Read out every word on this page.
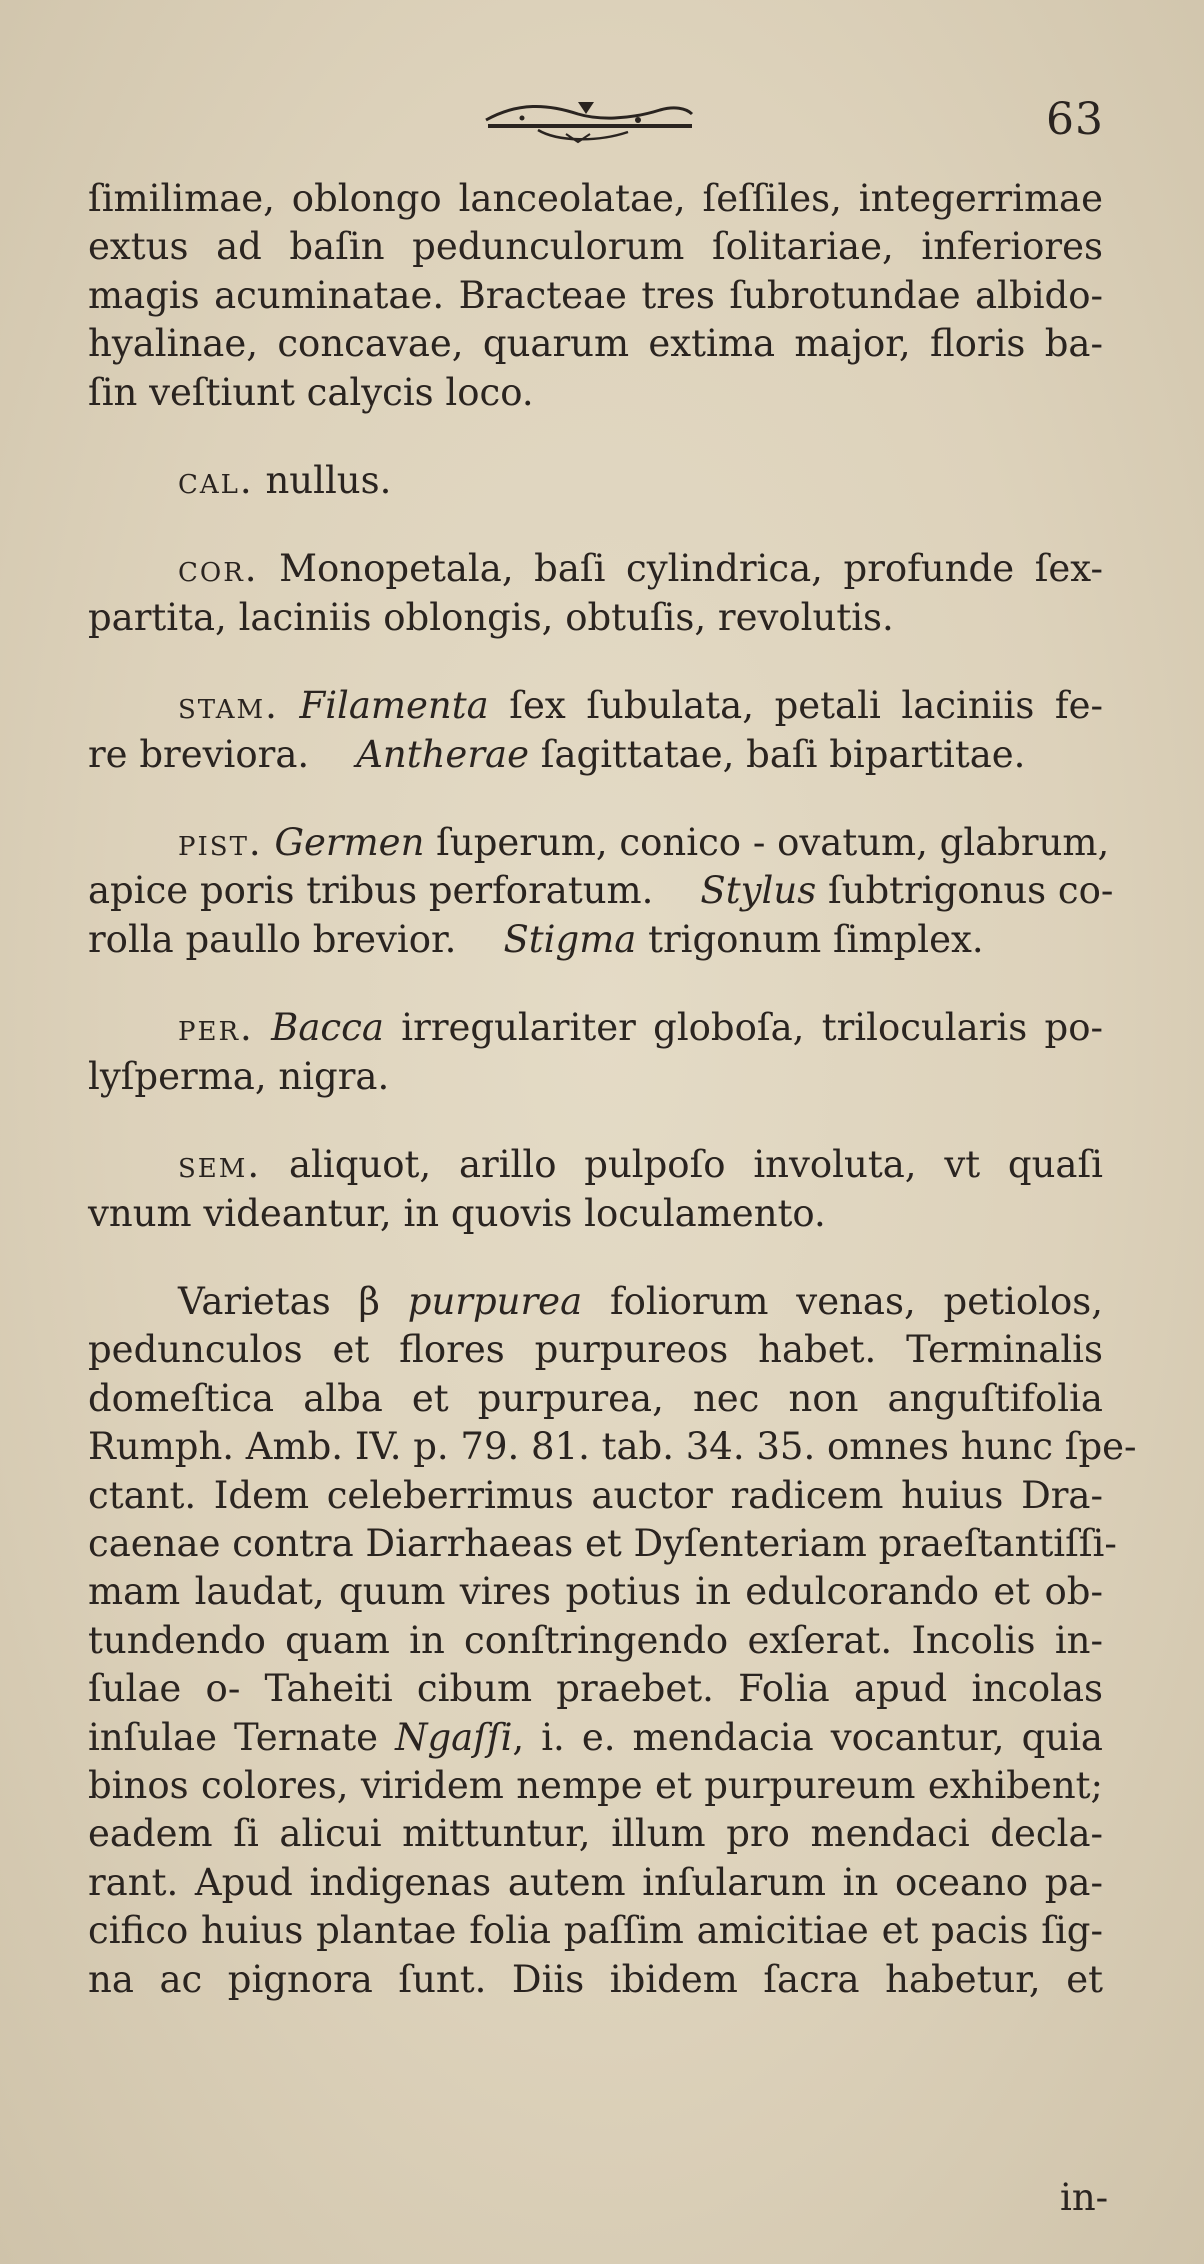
63
ſimilimae, oblongo lanceolatae, ſeſſiles, integerrimae
extus ad baſin pedunculorum ſolitariae, inferiores
magis acuminatae. Bracteae tres ſubrotundae albido-
hyalinae, concavae, quarum extima major, floris ba-
ſin veſtiunt calycis loco.
cal. nullus.
cor. Monopetala, baſi cylindrica, profunde ſex-
partita, laciniis oblongis, obtuſis, revolutis.
stam. Filamenta ſex ſubulata, petali laciniis fe-
re breviora. Antherae ſagittatae, baſi bipartitae.
pist. Germen ſuperum, conico - ovatum, glabrum,
apice poris tribus perforatum. Stylus ſubtrigonus co-
rolla paullo brevior. Stigma trigonum ſimplex.
per. Bacca irregulariter globoſa, trilocularis po-
lyſperma, nigra.
sem. aliquot, arillo pulpoſo involuta, vt quaſi
vnum videantur, in quovis loculamento.
Varietas β purpurea foliorum venas, petiolos,
pedunculos et flores purpureos habet. Terminalis
domeſtica alba et purpurea, nec non anguſtifolia
Rumph. Amb. IV. p. 79. 81. tab. 34. 35. omnes hunc ſpe-
ctant. Idem celeberrimus auctor radicem huius Dra-
caenae contra Diarrhaeas et Dyſenteriam praeſtantiſſi-
mam laudat, quum vires potius in edulcorando et ob-
tundendo quam in conſtringendo exſerat. Incolis in-
ſulae o- Taheiti cibum praebet. Folia apud incolas
inſulae Ternate Ngaſſi, i. e. mendacia vocantur, quia
binos colores, viridem nempe et purpureum exhibent;
eadem ſi alicui mittuntur, illum pro mendaci decla-
rant. Apud indigenas autem inſularum in oceano pa-
cifico huius plantae folia paſſim amicitiae et pacis ſig-
na ac pignora ſunt. Diis ibidem ſacra habetur, et
in-
